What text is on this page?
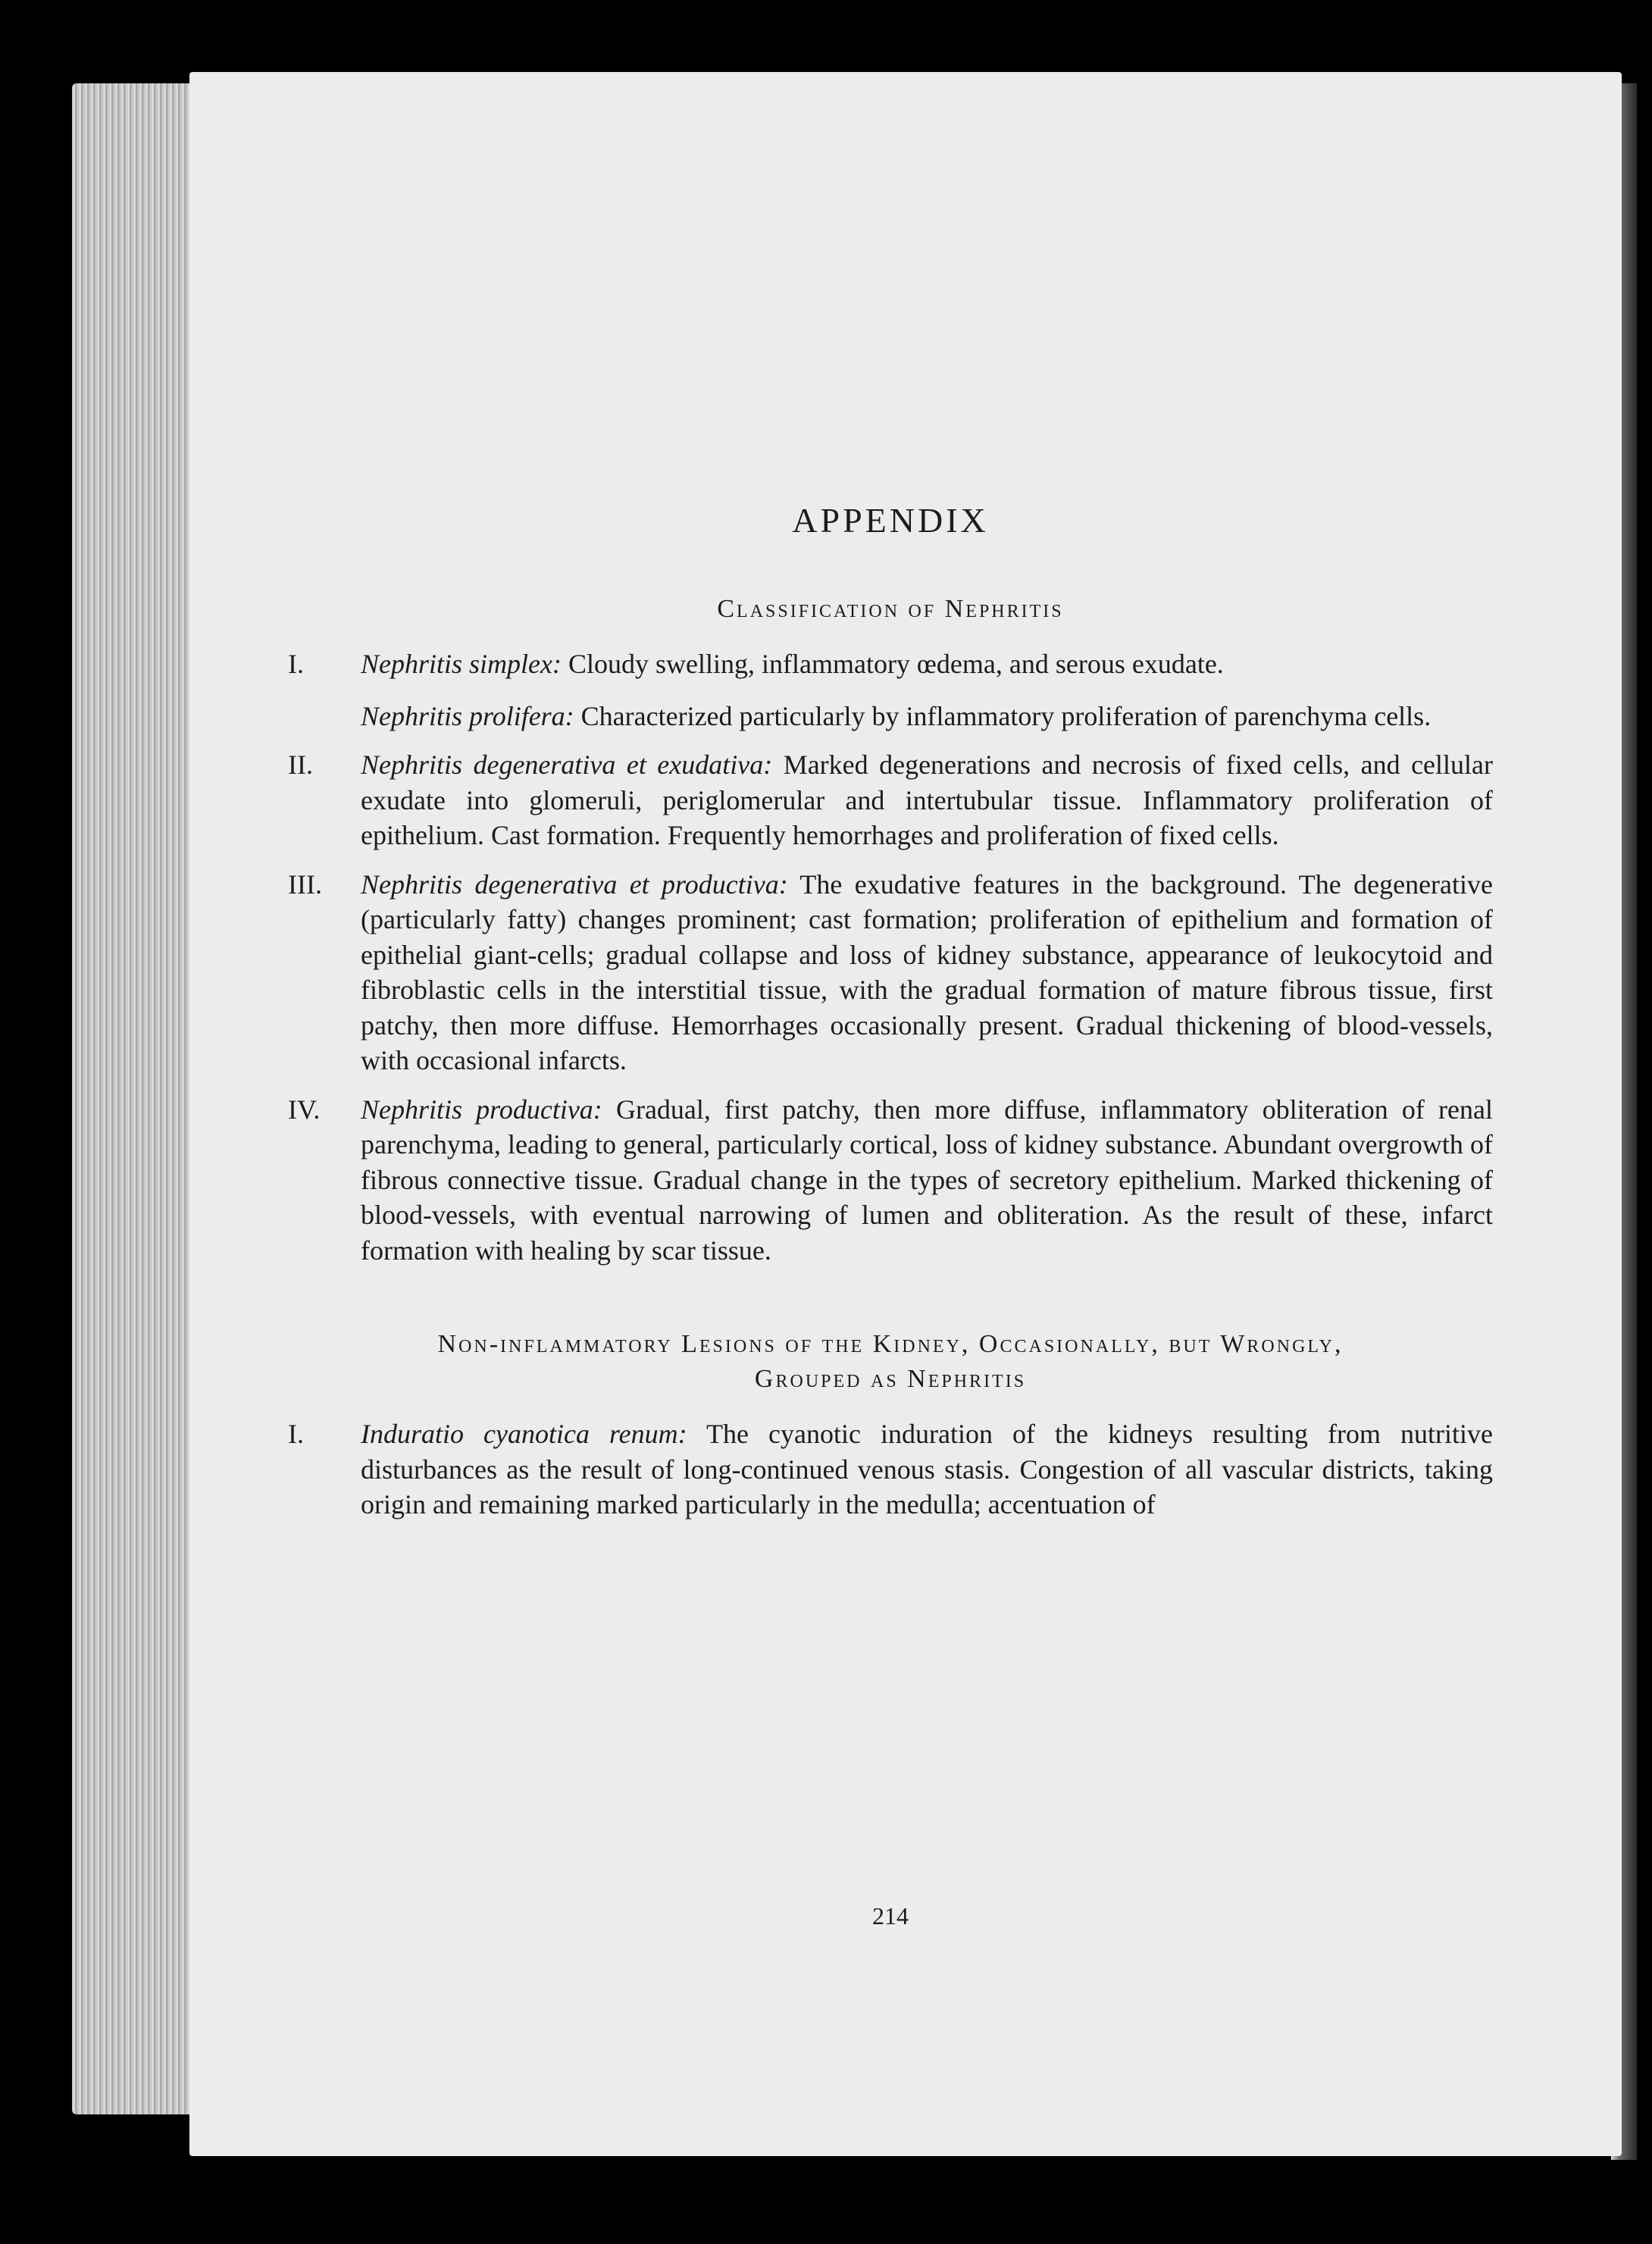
APPENDIX
Classification of Nephritis

I.	Nephritis simplex: Cloudy swelling, inflammatory œdema, and serous exudate.

Nephritis prolifera: Characterized particularly by inflammatory proliferation of parenchyma cells.

II.	Nephritis degenerativa et exudativa: Marked degenerations and necrosis of fixed cells, and cellular exudate into glomeruli, periglomerular and intertubular tissue. Inflammatory proliferation of epithelium. Cast formation. Frequently hemorrhages and proliferation of fixed cells.

III.	Nephritis degenerativa et productiva: The exudative features in the background. The degenerative (particularly fatty) changes prominent; cast formation; proliferation of epithelium and formation of epithelial giant-cells; gradual collapse and loss of kidney substance, appearance of leukocytoid and fibroblastic cells in the interstitial tissue, with the gradual formation of mature fibrous tissue, first patchy, then more diffuse. Hemorrhages occasionally present. Gradual thickening of blood-vessels, with occasional infarcts.

IV.	Nephritis productiva: Gradual, first patchy, then more diffuse, inflammatory obliteration of renal parenchyma, leading to general, particularly cortical, loss of kidney substance. Abundant overgrowth of fibrous connective tissue. Gradual change in the types of secretory epithelium. Marked thickening of blood-vessels, with eventual narrowing of lumen and obliteration. As the result of these, infarct formation with healing by scar tissue.

Non-inflammatory Lesions of the Kidney, Occasionally, but Wrongly,
Grouped as Nephritis

I.	Induratio cyanotica renum: The cyanotic induration of the kidneys resulting from nutritive disturbances as the result of long-continued venous stasis. Congestion of all vascular districts, taking origin and remaining marked particularly in the medulla; accentuation of

214
